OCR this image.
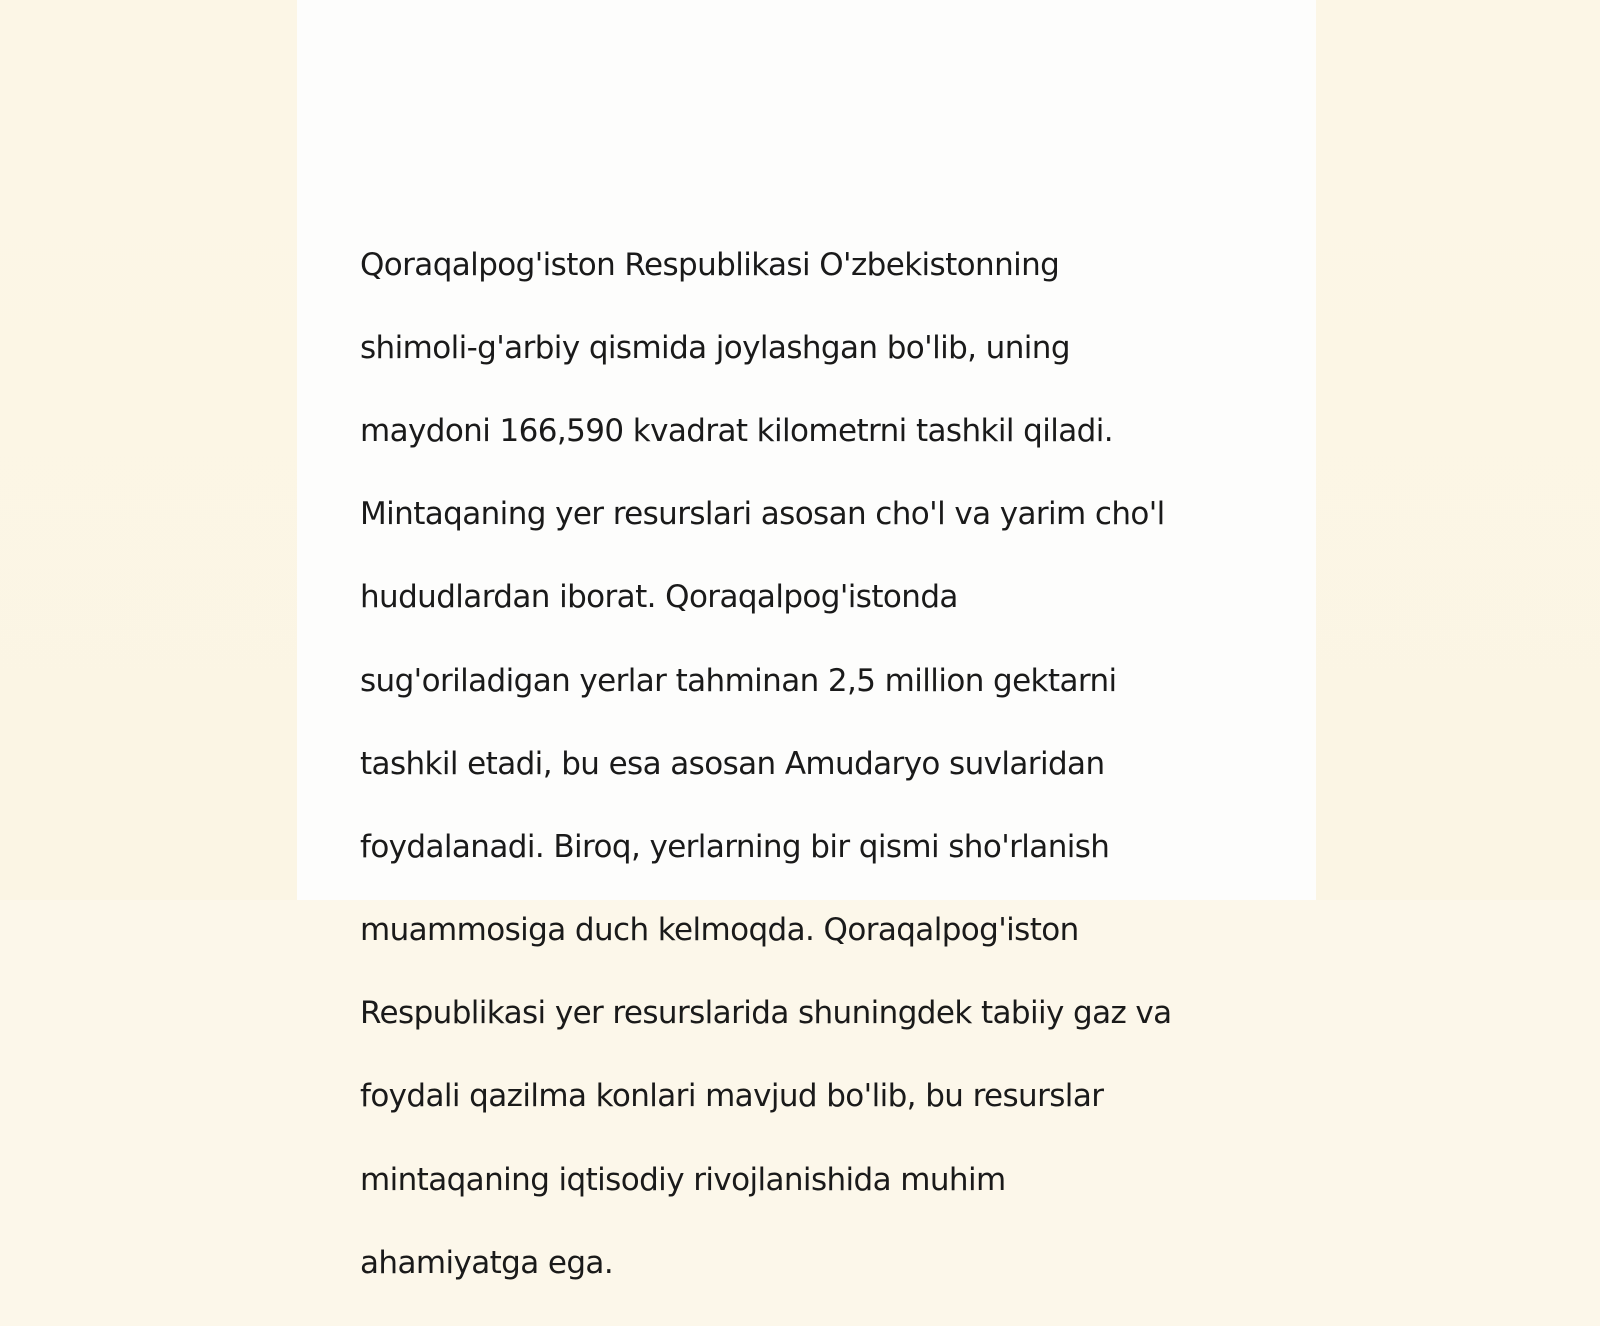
Qoraqalpog'iston Respublikasi O'zbekistonning

shimoli-g'arbiy qismida joylashgan bo'lib, uning

maydoni 166,590 kvadrat kilometrni tashkil qiladi.

Mintaqaning yer resurslari asosan cho'l va yarim cho'l

hududlardan iborat. Qoraqalpog'istonda

sug'oriladigan yerlar tahminan 2,5 million gektarni

tashkil etadi, bu esa asosan Amudaryo suvlaridan

foydalanadi. Biroq, yerlarning bir qismi sho'rlanish

muammosiga duch kelmoqda. Qoraqalpog'iston

Respublikasi yer resurslarida shuningdek tabiiy gaz va

foydali qazilma konlari mavjud bo'lib, bu resurslar

mintaqaning iqtisodiy rivojlanishida muhim

ahamiyatga ega.
